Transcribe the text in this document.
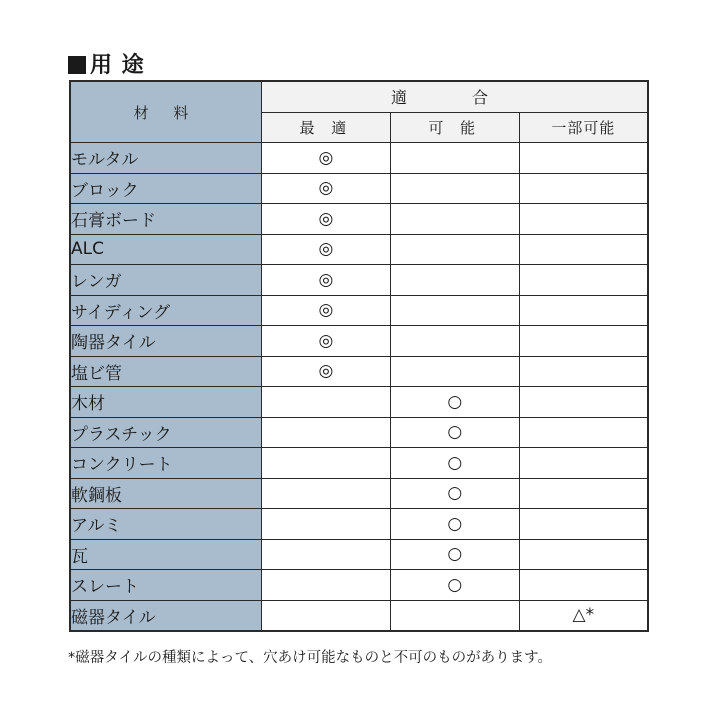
用 途
材 料	適 合		
	最 適	可 能	一部可能
モルタル	◎		
ブロック	◎		
石膏ボード	◎		
ALC	◎		
レンガ	◎		
サイディング	◎		
陶器タイル	◎		
塩ビ管	◎		
木材		○	
プラスチック		○	
コンクリート		○	
軟鋼板		○	
アルミ		○	
瓦		○	
スレート		○	
磁器タイル			△*
*磁器タイルの種類によって、穴あけ可能なものと不可のものがあります。
